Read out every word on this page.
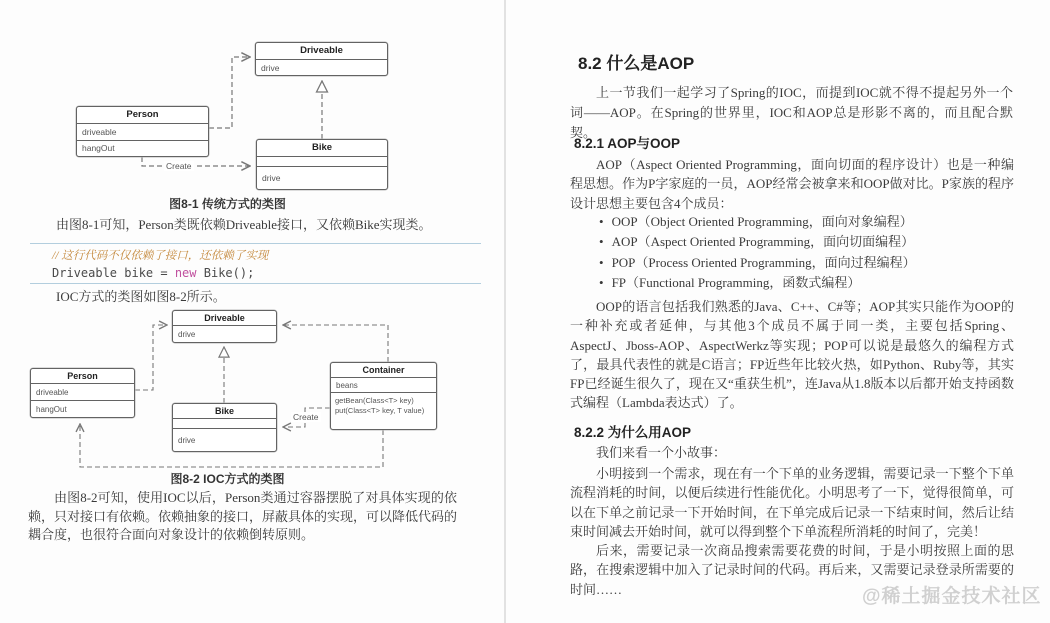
Driveable
drive
Person
driveable
hangOut	Bike
drive
Create
图8-1 传统方式的类图

由图8-1可知，Person类既依赖Driveable接口，又依赖Bike实现类。

// 这行代码不仅依赖了接口，还依赖了实现
Driveable bike = new Bike();

IOC方式的类图如图8-2所示。

Driveable
drive
Person
driveable
hangOut	Bike
drive
Container
beans
getBean(Class<T> key)
put(Class<T> key, T value)
Create
图8-2 IOC方式的类图

由图8-2可知，使用IOC以后，Person类通过容器摆脱了对具体实现的依赖，只对接口有依赖。依赖抽象的接口，屏蔽具体的实现，可以降低代码的耦合度，也很符合面向对象设计的依赖倒转原则。

8.2 什么是AOP

上一节我们一起学习了Spring的IOC，而提到IOC就不得不提起另外一个词——AOP。在Spring的世界里，IOC和AOP总是形影不离的，而且配合默契。

8.2.1 AOP与OOP

AOP（Aspect Oriented Programming，面向切面的程序设计）也是一种编程思想。作为P字家庭的一员，AOP经常会被拿来和OOP做对比。P家族的程序设计思想主要包含4个成员：

• OOP（Object Oriented Programming，面向对象编程）
• AOP（Aspect Oriented Programming，面向切面编程）
• POP（Process Oriented Programming，面向过程编程）
• FP（Functional Programming，函数式编程）

OOP的语言包括我们熟悉的Java、C++、C#等；AOP其实只能作为OOP的一种补充或者延伸，与其他3个成员不属于同一类，主要包括Spring、AspectJ、Jboss-AOP、AspectWerkz等实现；POP可以说是最悠久的编程方式了，最具代表性的就是C语言；FP近些年比较火热，如Python、Ruby等，其实FP已经诞生很久了，现在又“重获生机”，连Java从1.8版本以后都开始支持函数式编程（Lambda表达式）了。

8.2.2 为什么用AOP

我们来看一个小故事：

小明接到一个需求，现在有一个下单的业务逻辑，需要记录一下整个下单流程消耗的时间，以便后续进行性能优化。小明思考了一下，觉得很简单，可以在下单之前记录一下开始时间，在下单完成后记录一下结束时间，然后让结束时间减去开始时间，就可以得到整个下单流程所消耗的时间了，完美！

后来，需要记录一次商品搜索需要花费的时间，于是小明按照上面的思路，在搜索逻辑中加入了记录时间的代码。再后来，又需要记录登录所需要的时间……	@稀土掘金技术社区
